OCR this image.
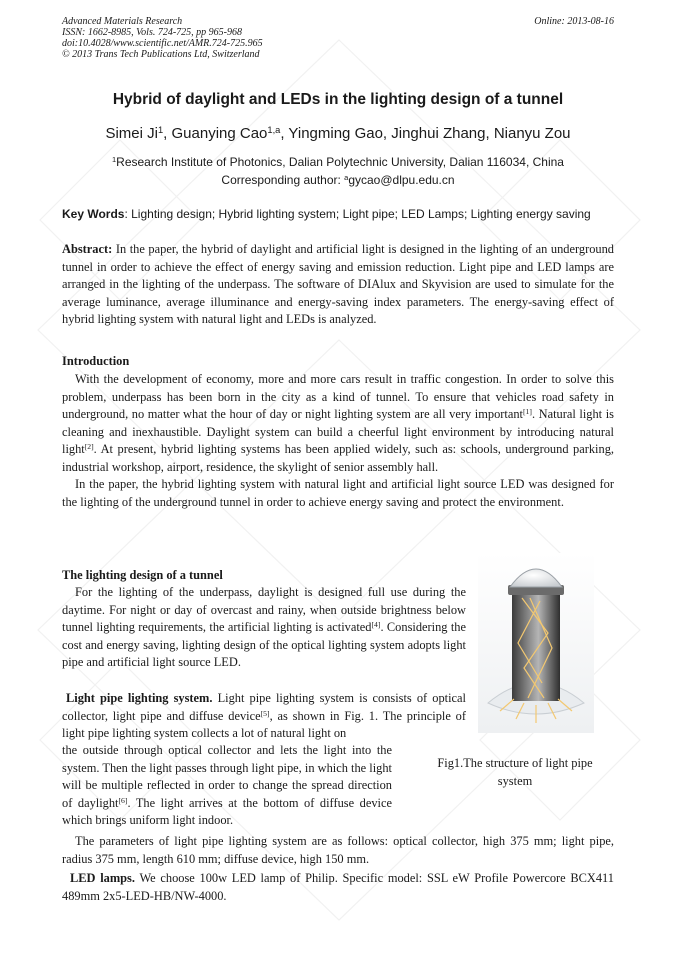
Advanced Materials Research
ISSN: 1662-8985, Vols. 724-725, pp 965-968
doi:10.4028/www.scientific.net/AMR.724-725.965
© 2013 Trans Tech Publications Ltd, Switzerland
Online: 2013-08-16
Hybrid of daylight and LEDs in the lighting design of a tunnel
Simei Ji$^1$, Guanying Cao$^{1,a}$, Yingming Gao, Jinghui Zhang, Nianyu Zou
$^1$Research Institute of Photonics, Dalian Polytechnic University, Dalian 116034, China
Corresponding author: $^a$gycao@dlpu.edu.cn
Key Words: Lighting design; Hybrid lighting system; Light pipe; LED Lamps; Lighting energy saving

Abstract: In the paper, the hybrid of daylight and artificial light is designed in the lighting of an underground tunnel in order to achieve the effect of energy saving and emission reduction. Light pipe and LED lamps are arranged in the lighting of the underpass. The software of DIAlux and Skyvision are used to simulate for the average luminance, average illuminance and energy-saving index parameters. The energy-saving effect of hybrid lighting system with natural light and LEDs is analyzed.

Introduction

With the development of economy, more and more cars result in traffic congestion. In order to solve this problem, underpass has been born in the city as a kind of tunnel. To ensure that vehicles road safety in underground, no matter what the hour of day or night lighting system are all very important[1]. Natural light is cleaning and inexhaustible. Daylight system can build a cheerful light environment by introducing natural light[2]. At present, hybrid lighting systems has been applied widely, such as: schools, underground parking, industrial workshop, airport, residence, the skylight of senior assembly hall.

In the paper, the hybrid lighting system with natural light and artificial light source LED was designed for the lighting of the underground tunnel in order to achieve energy saving and protect the environment.

The lighting design of a tunnel

For the lighting of the underpass, daylight is designed full use during the daytime. For night or day of overcast and rainy, when outside brightness below tunnel lighting requirements, the artificial lighting is activated[4]. Considering the cost and energy saving, lighting design of the optical lighting system adopts light pipe and artificial light source LED.

Light pipe lighting system. Light pipe lighting system is consists of optical collector, light pipe and diffuse device[5], as shown in Fig. 1. The principle of light pipe lighting system collects a lot of natural light on

the outside through optical collector and lets the light into the system. Then the light passes through light pipe, in which the light will be multiple reflected in order to change the spread direction of daylight[6]. The light arrives at the bottom of diffuse device which brings uniform light indoor.

The parameters of light pipe lighting system are as follows: optical collector, high 375 mm; light pipe, radius 375 mm, length 610 mm; diffuse device, high 150 mm.

LED lamps. We choose 100w LED lamp of Philip. Specific model: SSL eW Profile Powercore BCX411 489mm 2x5-LED-HB/NW-4000.

Fig1.The structure of light pipe system
